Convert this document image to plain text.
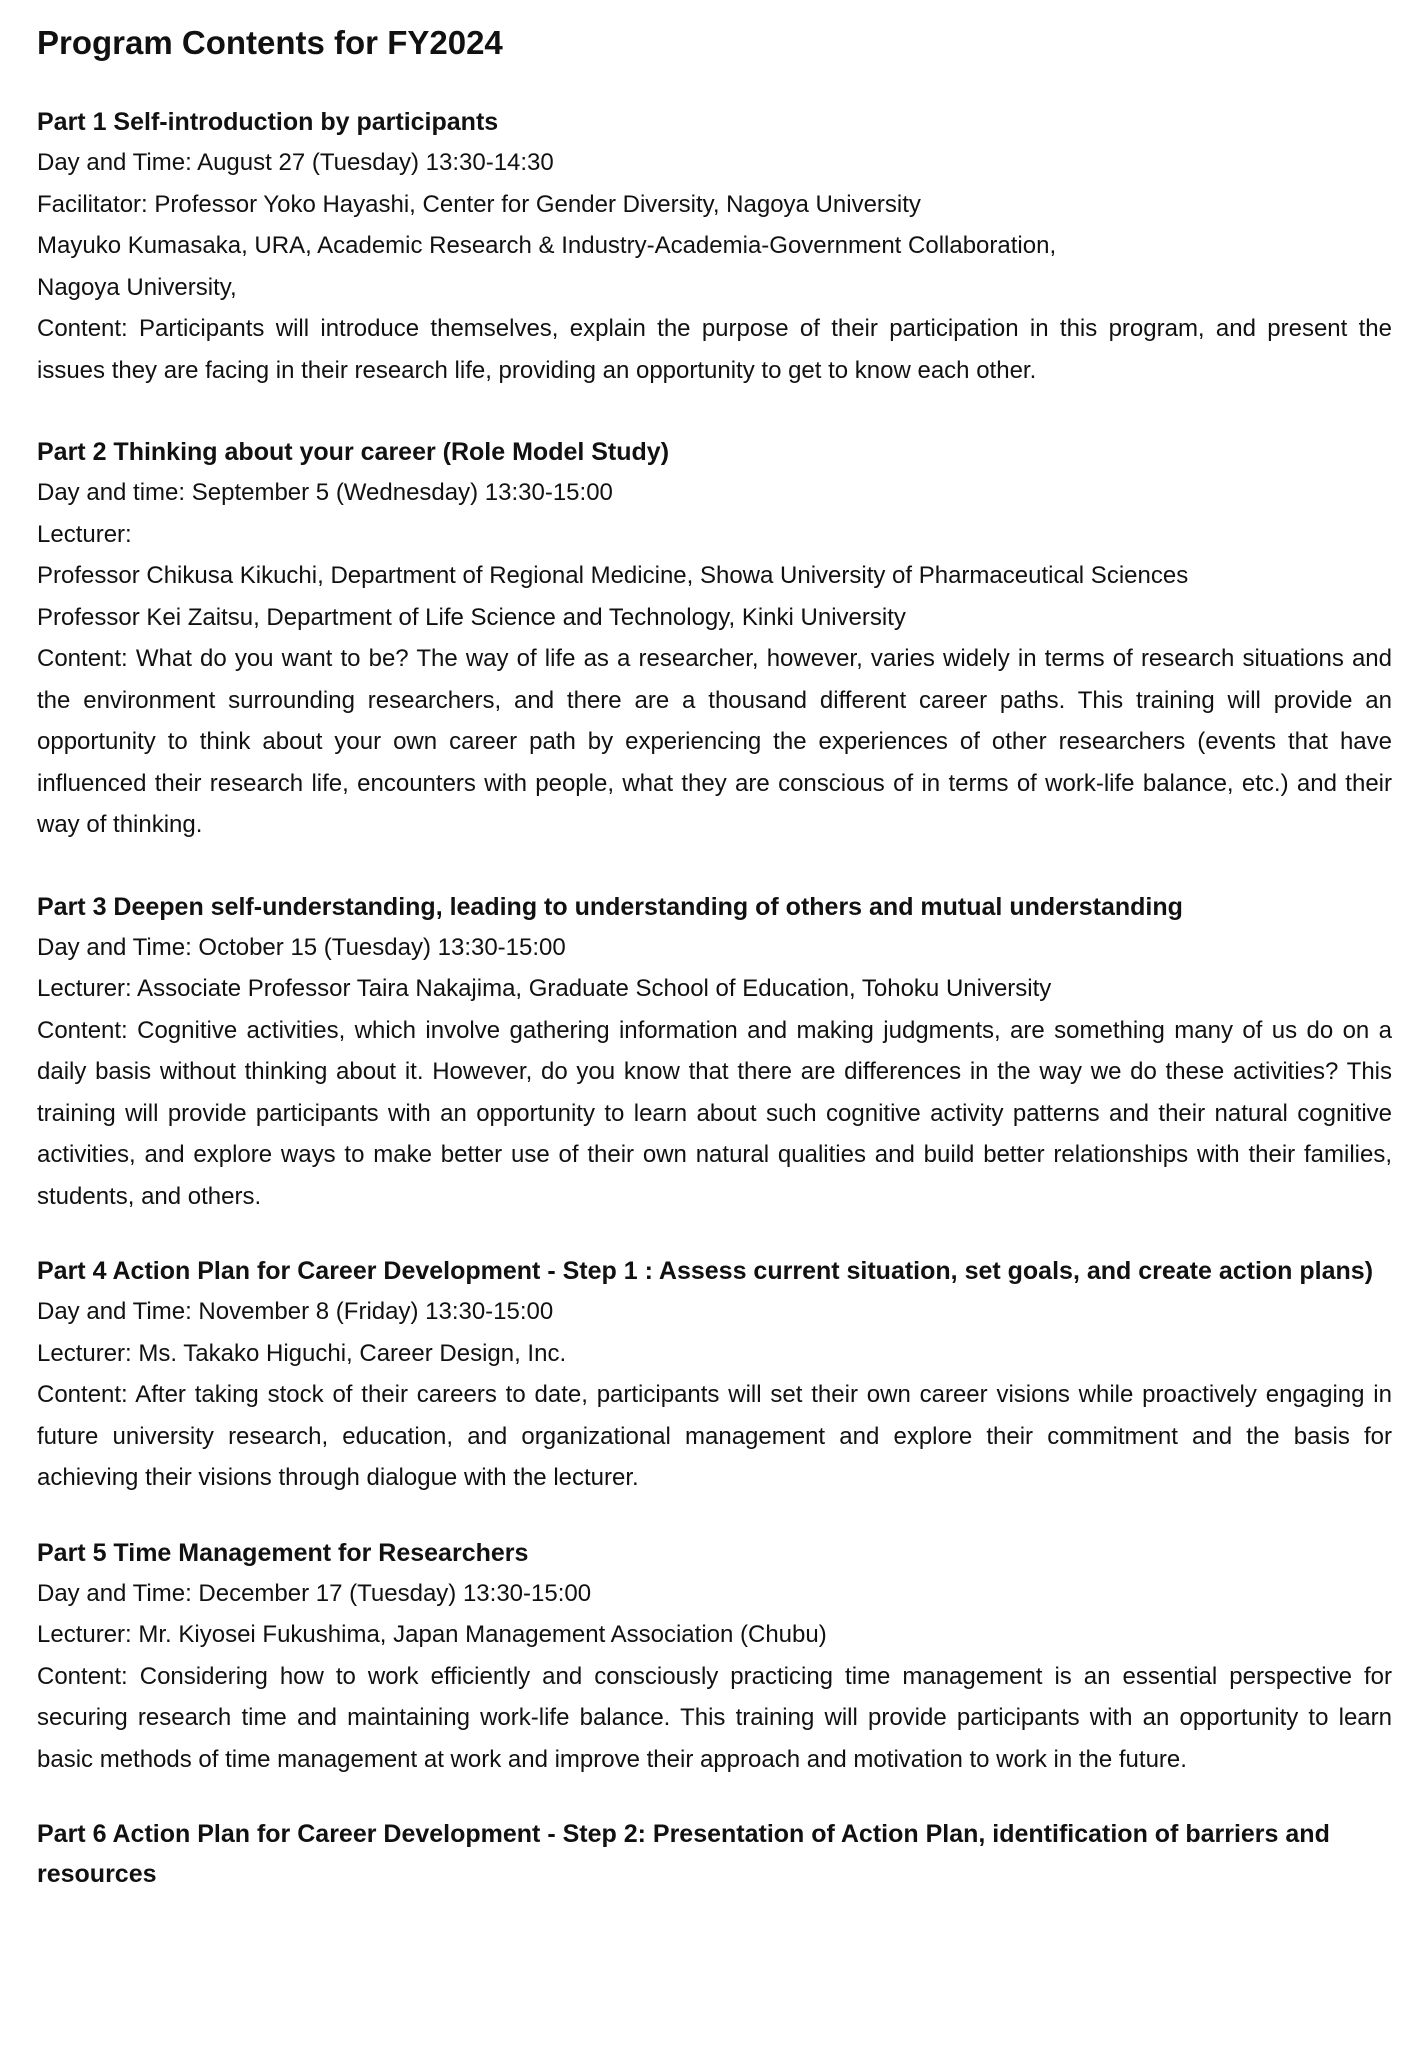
Program Contents for FY2024
Part 1 Self-introduction by participants

Day and Time: August 27 (Tuesday) 13:30-14:30

Facilitator: Professor Yoko Hayashi, Center for Gender Diversity, Nagoya University

Mayuko Kumasaka, URA, Academic Research & Industry-Academia-Government Collaboration,

Nagoya University,

Content: Participants will introduce themselves, explain the purpose of their participation in this program, and present the issues they are facing in their research life, providing an opportunity to get to know each other.

Part 2 Thinking about your career (Role Model Study)

Day and time: September 5 (Wednesday) 13:30-15:00

Lecturer:

Professor Chikusa Kikuchi, Department of Regional Medicine, Showa University of Pharmaceutical Sciences

Professor Kei Zaitsu, Department of Life Science and Technology, Kinki University

Content: What do you want to be? The way of life as a researcher, however, varies widely in terms of research situations and the environment surrounding researchers, and there are a thousand different career paths. This training will provide an opportunity to think about your own career path by experiencing the experiences of other researchers (events that have influenced their research life, encounters with people, what they are conscious of in terms of work-life balance, etc.) and their way of thinking.

Part 3 Deepen self-understanding, leading to understanding of others and mutual understanding

Day and Time: October 15 (Tuesday) 13:30-15:00

Lecturer: Associate Professor Taira Nakajima, Graduate School of Education, Tohoku University

Content: Cognitive activities, which involve gathering information and making judgments, are something many of us do on a daily basis without thinking about it. However, do you know that there are differences in the way we do these activities? This training will provide participants with an opportunity to learn about such cognitive activity patterns and their natural cognitive activities, and explore ways to make better use of their own natural qualities and build better relationships with their families, students, and others.

Part 4 Action Plan for Career Development - Step 1 : Assess current situation, set goals, and create action plans)

Day and Time: November 8 (Friday) 13:30-15:00

Lecturer: Ms. Takako Higuchi, Career Design, Inc.

Content: After taking stock of their careers to date, participants will set their own career visions while proactively engaging in future university research, education, and organizational management and explore their commitment and the basis for achieving their visions through dialogue with the lecturer.

Part 5 Time Management for Researchers

Day and Time: December 17 (Tuesday) 13:30-15:00

Lecturer: Mr. Kiyosei Fukushima, Japan Management Association (Chubu)

Content: Considering how to work efficiently and consciously practicing time management is an essential perspective for securing research time and maintaining work-life balance. This training will provide participants with an opportunity to learn basic methods of time management at work and improve their approach and motivation to work in the future.

Part 6 Action Plan for Career Development - Step 2: Presentation of Action Plan, identification of barriers and resources
